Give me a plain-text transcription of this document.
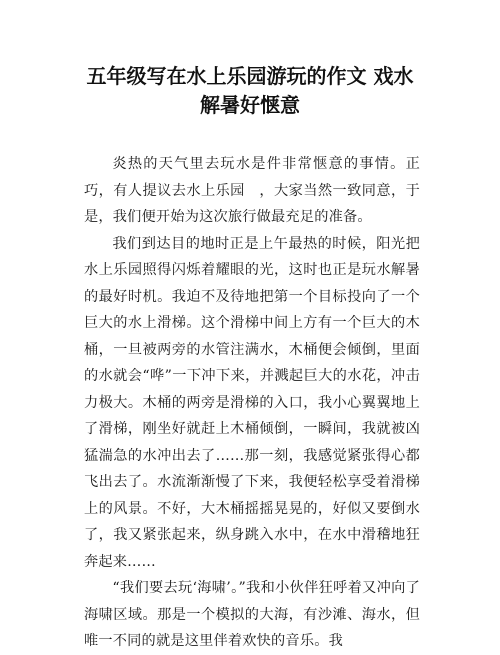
五年级写在水上乐园游玩的作文 戏水
解暑好惬意

炎热的天气里去玩水是件非常惬意的事情。正巧，有人提议去水上乐园　，大家当然一致同意，于是，我们便开始为这次旅行做最充足的准备。

我们到达目的地时正是上午最热的时候，阳光把水上乐园照得闪烁着耀眼的光，这时也正是玩水解暑的最好时机。我迫不及待地把第一个目标投向了一个巨大的水上滑梯。这个滑梯中间上方有一个巨大的木桶，一旦被两旁的水管注满水，木桶便会倾倒，里面的水就会“哗”一下冲下来，并溅起巨大的水花，冲击力极大。木桶的两旁是滑梯的入口，我小心翼翼地上了滑梯，刚坐好就赶上木桶倾倒，一瞬间，我就被凶猛湍急的水冲出去了……那一刻，我感觉紧张得心都飞出去了。水流渐渐慢了下来，我便轻松享受着滑梯上的风景。不好，大木桶摇摇晃晃的，好似又要倒水了，我又紧张起来，纵身跳入水中，在水中滑稽地狂奔起来……

“我们要去玩‘海啸’。”我和小伙伴狂呼着又冲向了海啸区域。那是一个模拟的大海，有沙滩、海水，但唯一不同的就是这里伴着欢快的音乐。我
